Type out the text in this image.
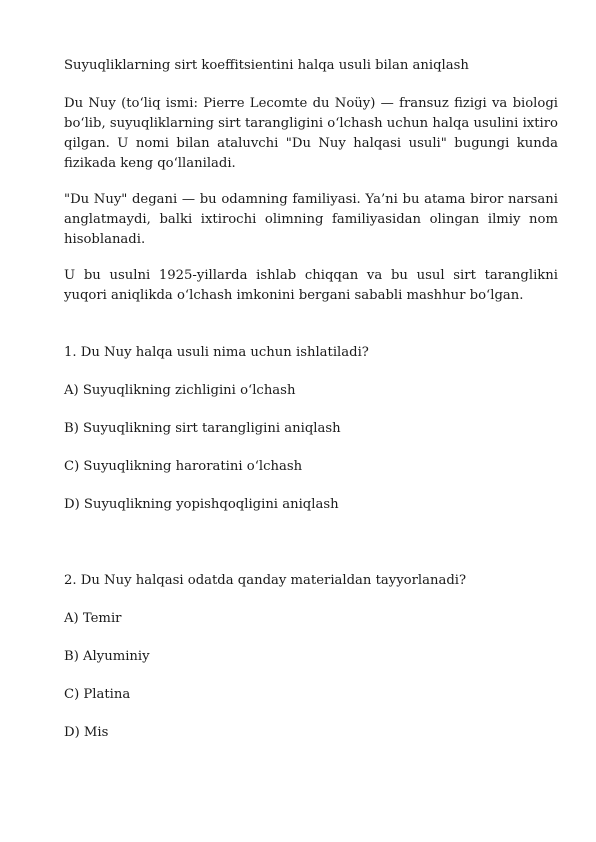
Suyuqliklarning sirt koeffitsientini halqa usuli bilan aniqlash
Du Nuy (to‘liq ismi: Pierre Lecomte du Noüy) — fransuz fizigi va biologi bo‘lib, suyuqliklarning sirt tarangligini o‘lchash uchun halqa usulini ixtiro qilgan. U nomi bilan ataluvchi "Du Nuy halqasi usuli" bugungi kunda fizikada keng qo‘llaniladi.
"Du Nuy" degani — bu odamning familiyasi. Ya’ni bu atama biror narsani anglatmaydi, balki ixtirochi olimning familiyasidan olingan ilmiy nom hisoblanadi.
U bu usulni 1925-yillarda ishlab chiqqan va bu usul sirt taranglikni yuqori aniqlikda o‘lchash imkonini bergani sababli mashhur bo‘lgan.
1. Du Nuy halqa usuli nima uchun ishlatiladi?
A) Suyuqlikning zichligini o‘lchash
B) Suyuqlikning sirt tarangligini aniqlash
C) Suyuqlikning haroratini o‘lchash
D) Suyuqlikning yopishqoqligini aniqlash
2. Du Nuy halqasi odatda qanday materialdan tayyorlanadi?
A) Temir
B) Alyuminiy
C) Platina
D) Mis
